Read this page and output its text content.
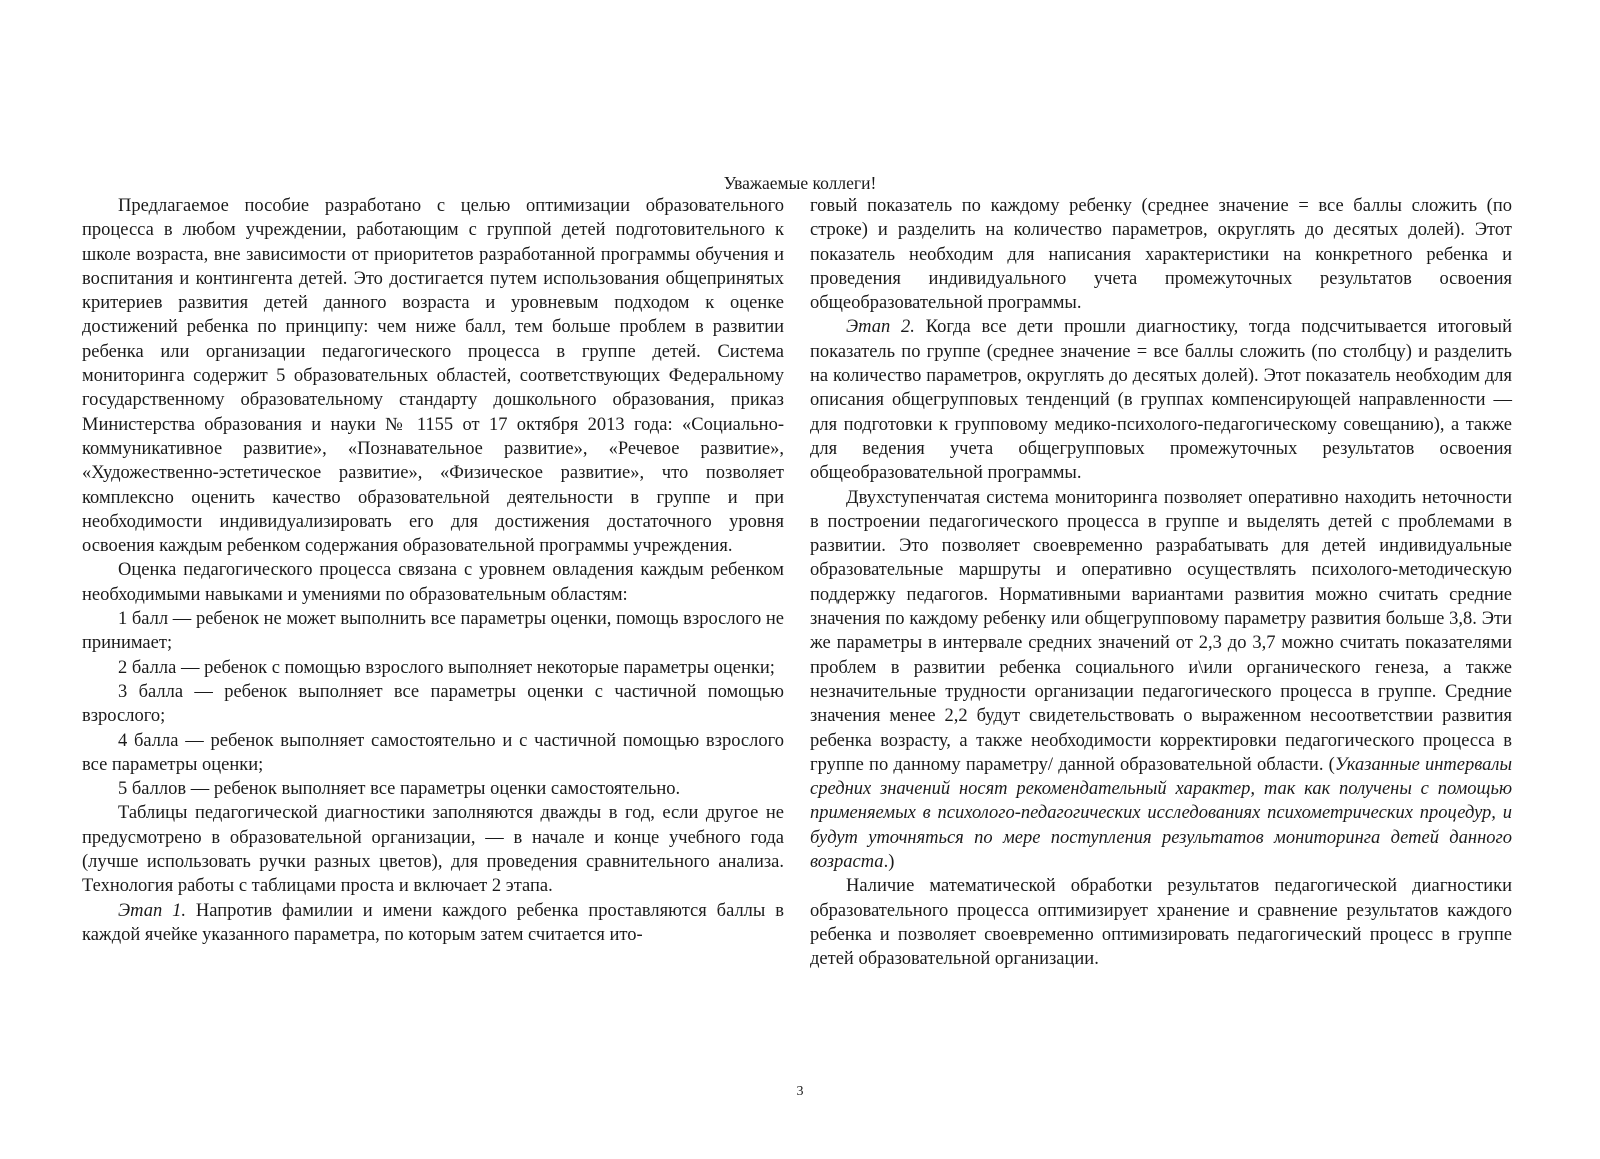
Уважаемые коллеги!

Предлагаемое пособие разработано с целью оптимизации образовательного процесса в любом учреждении, работающим с группой детей подготовительного к школе возраста, вне зависимости от приоритетов разработанной программы обучения и воспитания и контингента детей. Это достигается путем использования общепринятых критериев развития детей данного возраста и уровневым подходом к оценке достижений ребенка по принципу: чем ниже балл, тем больше проблем в развитии ребенка или организации педагогического процесса в группе детей. Система мониторинга содержит 5 образовательных областей, соответствующих Федеральному государственному образовательному стандарту дошкольного образования, приказ Министерства образования и науки № 1155 от 17 октября 2013 года: «Социально-коммуникативное развитие», «Познавательное развитие», «Речевое развитие», «Художественно-эстетическое развитие», «Физическое развитие», что позволяет комплексно оценить качество образовательной деятельности в группе и при необходимости индивидуализировать его для достижения достаточного уровня освоения каждым ребенком содержания образовательной программы учреждения.

Оценка педагогического процесса связана с уровнем овладения каждым ребенком необходимыми навыками и умениями по образовательным областям:

1 балл — ребенок не может выполнить все параметры оценки, помощь взрослого не принимает;

2 балла — ребенок с помощью взрослого выполняет некоторые параметры оценки;

3 балла — ребенок выполняет все параметры оценки с частичной помощью взрослого;

4 балла — ребенок выполняет самостоятельно и с частичной помощью взрослого все параметры оценки;

5 баллов — ребенок выполняет все параметры оценки самостоятельно.

Таблицы педагогической диагностики заполняются дважды в год, если другое не предусмотрено в образовательной организации, — в начале и конце учебного года (лучше использовать ручки разных цветов), для проведения сравнительного анализа. Технология работы с таблицами проста и включает 2 этапа.

Этап 1. Напротив фамилии и имени каждого ребенка проставляются баллы в каждой ячейке указанного параметра, по которым затем считается ито-

говый показатель по каждому ребенку (среднее значение = все баллы сложить (по строке) и разделить на количество параметров, округлять до десятых долей). Этот показатель необходим для написания характеристики на конкретного ребенка и проведения индивидуального учета промежуточных результатов освоения общеобразовательной программы.

Этап 2. Когда все дети прошли диагностику, тогда подсчитывается итоговый показатель по группе (среднее значение = все баллы сложить (по столбцу) и разделить на количество параметров, округлять до десятых долей). Этот показатель необходим для описания общегрупповых тенденций (в группах компенсирующей направленности — для подготовки к групповому медико-психолого-педагогическому совещанию), а также для ведения учета общегрупповых промежуточных результатов освоения общеобразовательной программы.

Двухступенчатая система мониторинга позволяет оперативно находить неточности в построении педагогического процесса в группе и выделять детей с проблемами в развитии. Это позволяет своевременно разрабатывать для детей индивидуальные образовательные маршруты и оперативно осуществлять психолого-методическую поддержку педагогов. Нормативными вариантами развития можно считать средние значения по каждому ребенку или общегрупповому параметру развития больше 3,8. Эти же параметры в интервале средних значений от 2,3 до 3,7 можно считать показателями проблем в развитии ребенка социального и\или органического генеза, а также незначительные трудности организации педагогического процесса в группе. Средние значения менее 2,2 будут свидетельствовать о выраженном несоответствии развития ребенка возрасту, а также необходимости корректировки педагогического процесса в группе по данному параметру/ данной образовательной области. (Указанные интервалы средних значений носят рекомендательный характер, так как получены с помощью применяемых в психолого-педагогических исследованиях психометрических процедур, и будут уточняться по мере поступления результатов мониторинга детей данного возраста.)

Наличие математической обработки результатов педагогической диагностики образовательного процесса оптимизирует хранение и сравнение результатов каждого ребенка и позволяет своевременно оптимизировать педагогический процесс в группе детей образовательной организации.

3
